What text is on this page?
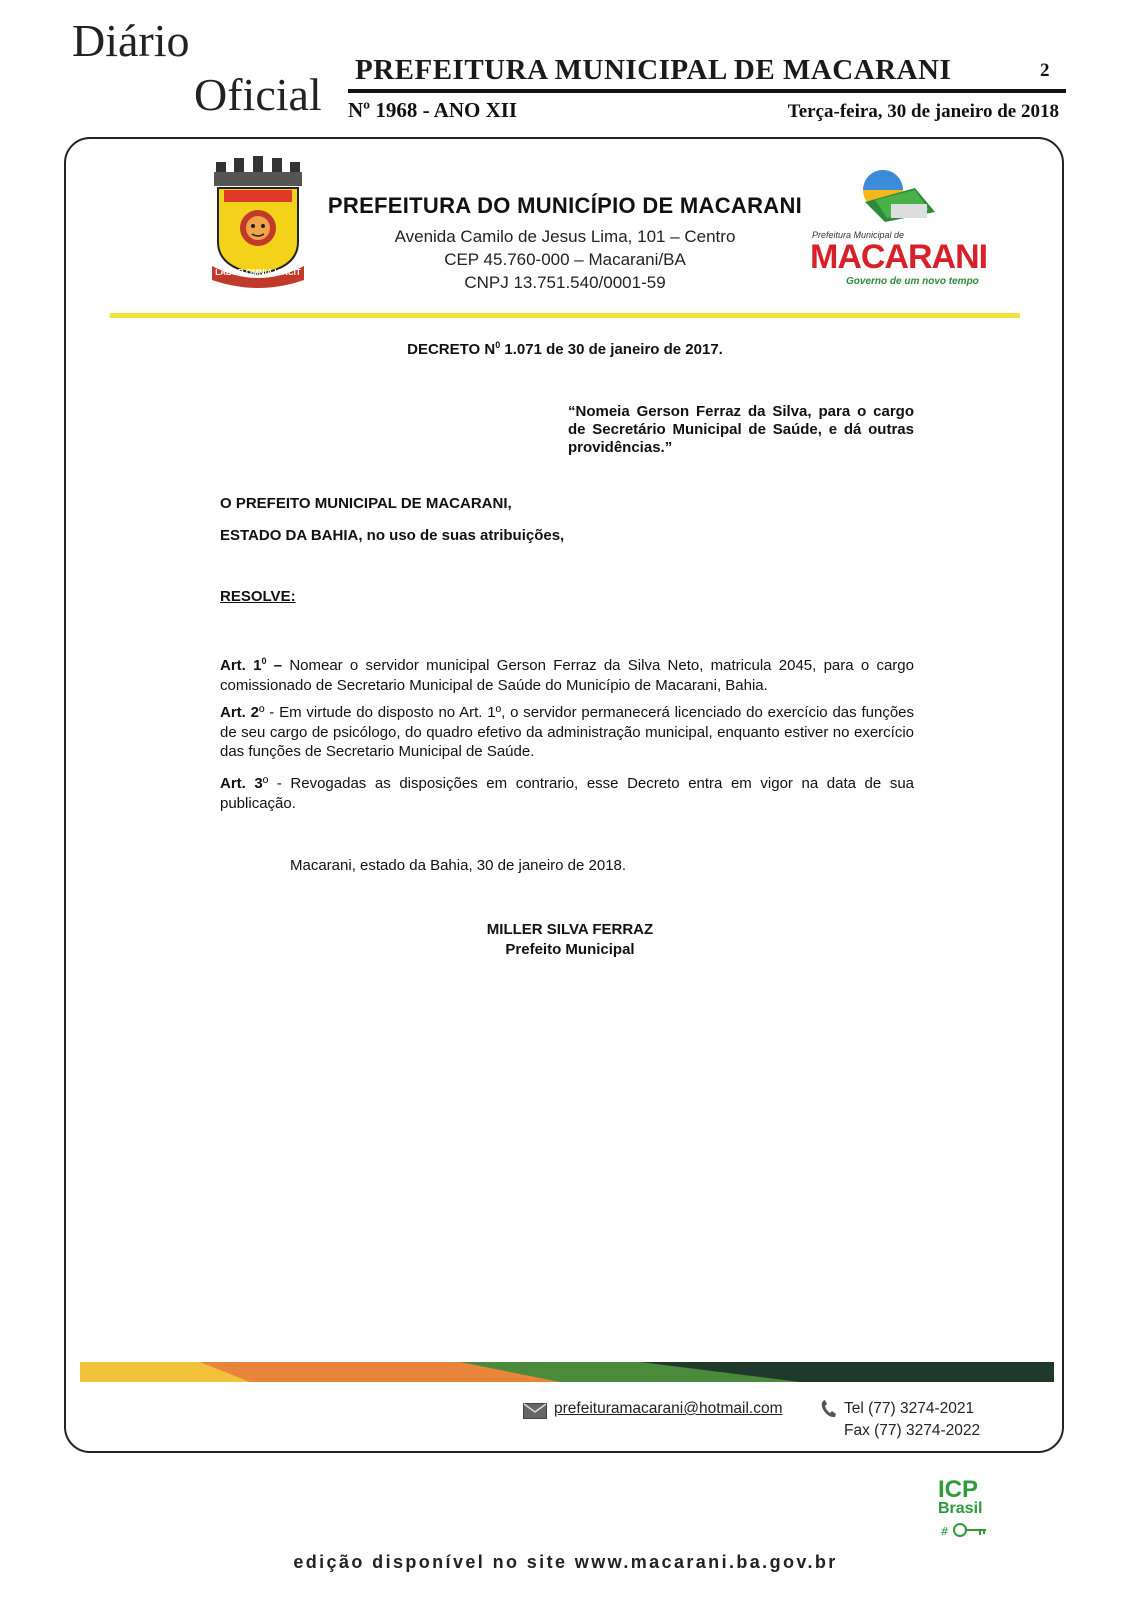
Diário
Oficial PREFEITURA MUNICIPAL DE MACARANI	2
Nº 1968 - ANO XII	Terça-feira, 30 de janeiro de 2018
LABOR OMNIA VINCIT
PREFEITURA DO MUNICÍPIO DE MACARANI
Avenida Camilo de Jesus Lima, 101 – Centro
CEP 45.760-000 – Macarani/BA
CNPJ 13.751.540/0001-59
Prefeitura Municipal de
MACARANI
Governo de um novo tempo
DECRETO $N^0$ 1.071 de 30 de janeiro de 2017.
“Nomeia Gerson Ferraz da Silva, para o cargo de Secretário Municipal de Saúde, e dá outras providências.”
O PREFEITO MUNICIPAL DE MACARANI,
ESTADO DA BAHIA, no uso de suas atribuições,
RESOLVE:
Art. $1^0$ – Nomear o servidor municipal Gerson Ferraz da Silva Neto, matricula 2045, para o cargo comissionado de Secretario Municipal de Saúde do Município de Macarani, Bahia.
Art. 2º - Em virtude do disposto no Art. 1º, o servidor permanecerá licenciado do exercício das funções de seu cargo de psicólogo, do quadro efetivo da administração municipal, enquanto estiver no exercício das funções de Secretario Municipal de Saúde.
Art. 3º - Revogadas as disposições em contrario, esse Decreto entra em vigor na data de sua publicação.
Macarani, estado da Bahia, 30 de janeiro de 2018.
MILLER SILVA FERRAZ
Prefeito Municipal
prefeituramacarani@hotmail.com	Tel (77) 3274-2021
Fax (77) 3274-2022
ICP
Brasil
#
edição disponível no site www.macarani.ba.gov.br
